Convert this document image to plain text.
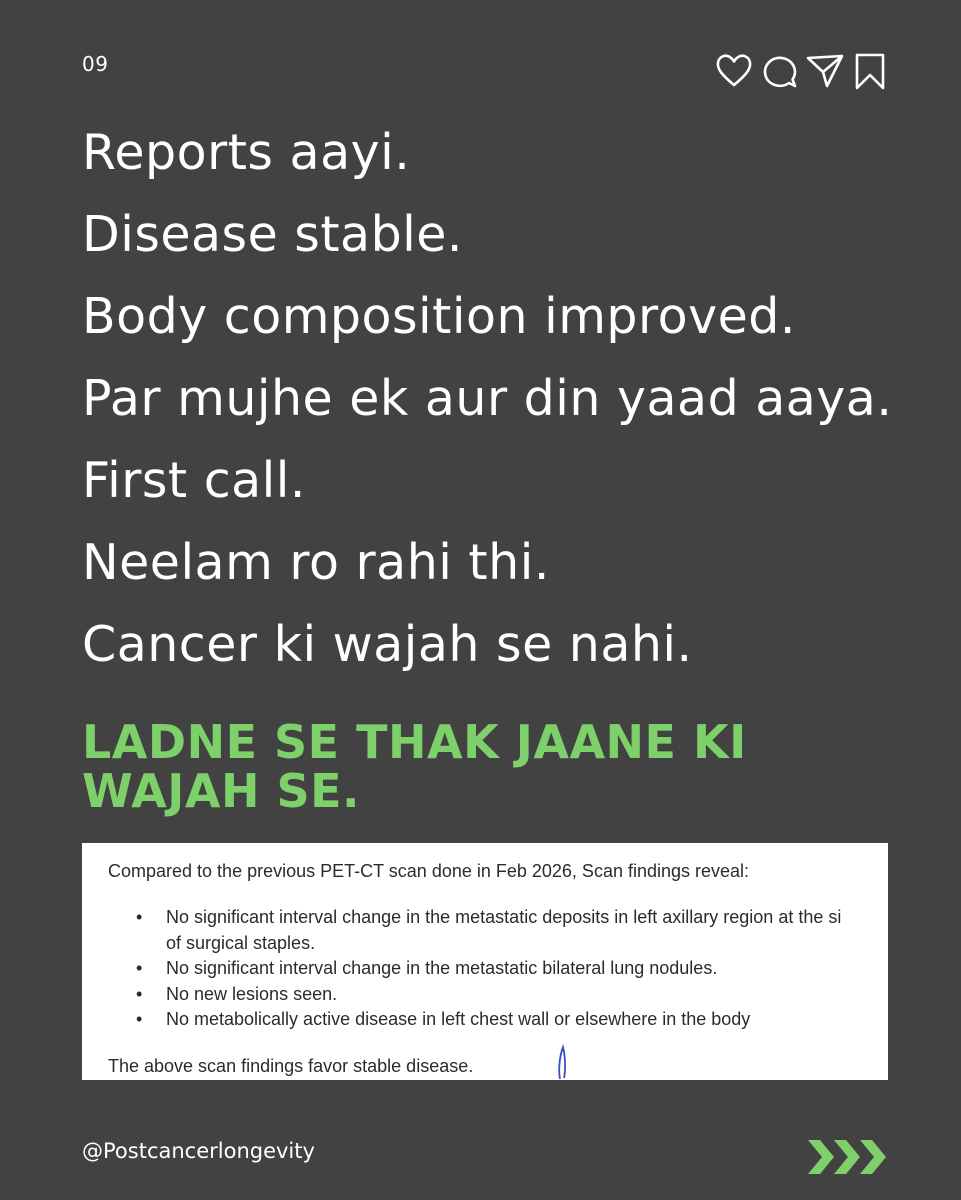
09
Reports aayi.
Disease stable.
Body composition improved.
Par mujhe ek aur din yaad aaya.
First call.
Neelam ro rahi thi.
Cancer ki wajah se nahi.

LADNE SE THAK JAANE KI WAJAH SE.

Compared to the previous PET-CT scan done in Feb 2026, Scan findings reveal:
• No significant interval change in the metastatic deposits in left axillary region at the si
of surgical staples.
• No significant interval change in the metastatic bilateral lung nodules.
• No new lesions seen.
• No metabolically active disease in left chest wall or elsewhere in the body
The above scan findings favor stable disease.
@Postcancerlongevity
